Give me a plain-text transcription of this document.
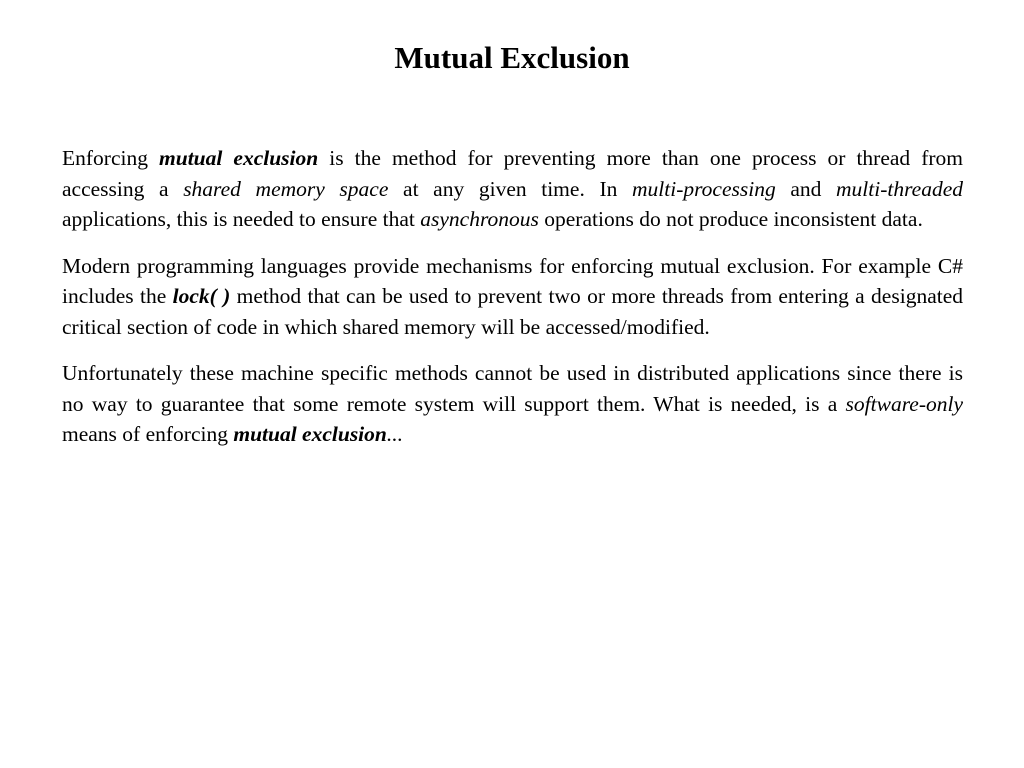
Mutual Exclusion

Enforcing mutual exclusion is the method for preventing more than one process or thread from accessing a shared memory space at any given time. In multi-processing and multi-threaded applications, this is needed to ensure that asynchronous operations do not produce inconsistent data.

Modern programming languages provide mechanisms for enforcing mutual exclusion. For example C# includes the lock( ) method that can be used to prevent two or more threads from entering a designated critical section of code in which shared memory will be accessed/modified.

Unfortunately these machine specific methods cannot be used in distributed applications since there is no way to guarantee that some remote system will support them. What is needed, is a software-only means of enforcing mutual exclusion...
